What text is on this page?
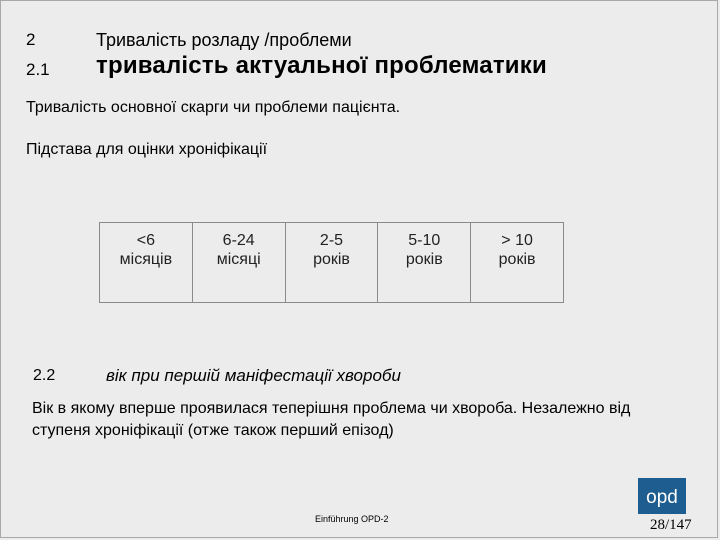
2	Тривалість розладу /проблеми
2.1 тривалість актуальної проблематики
Тривалість основної скарги чи проблеми пацієнта.
Підстава для оцінки хроніфікації
<6
місяців
6-24
місяці
2-5
років
5-10
років
> 10
років
2.2	вік при першій маніфестації хвороби
Вік в якому вперше проявилася теперішня проблема чи хвороба. Незалежно від ступеня хроніфікації (отже також перший епізод)
Einführung OPD-2
opd
28/147
